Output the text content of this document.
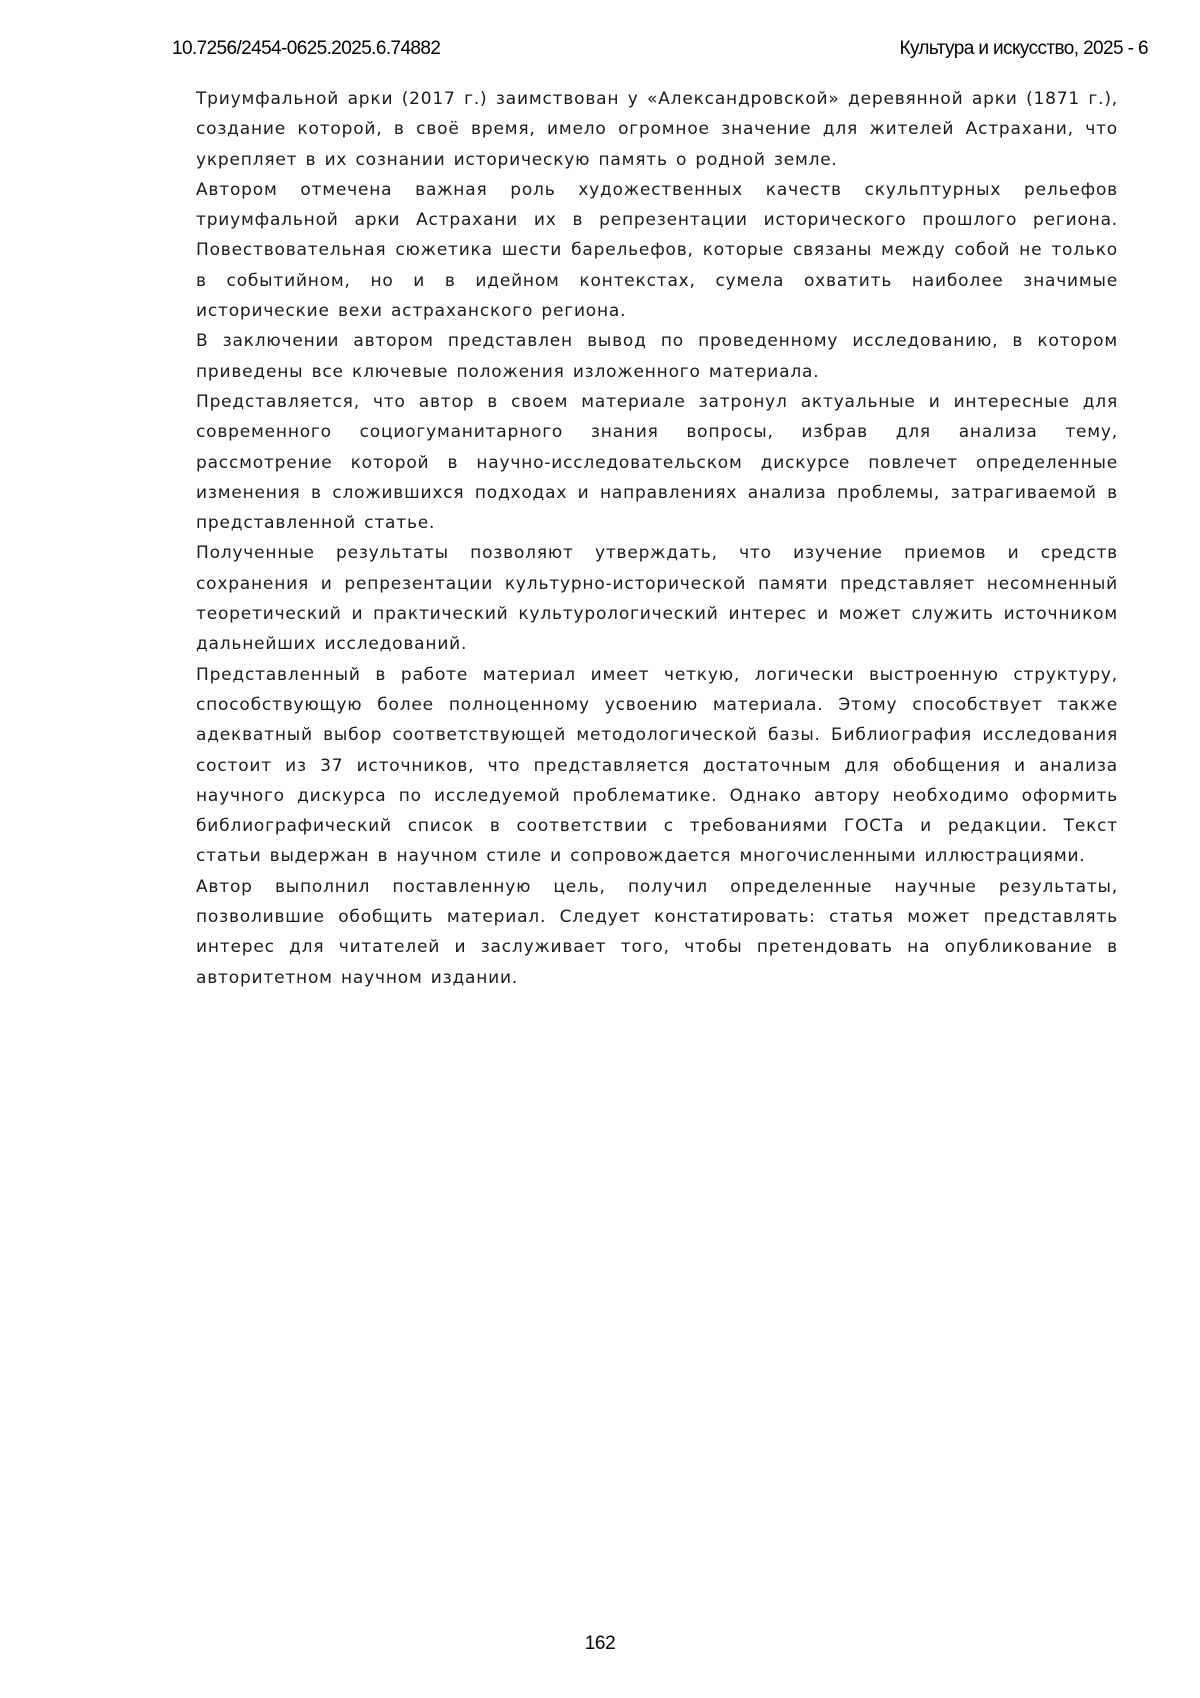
10.7256/2454-0625.2025.6.74882	Культура и искусство, 2025 - 6

Триумфальной арки (2017 г.) заимствован у «Александровской» деревянной арки (1871 г.), создание которой, в своё время, имело огромное значение для жителей Астрахани, что укрепляет в их сознании историческую память о родной земле.

Автором отмечена важная роль художественных качеств скульптурных рельефов триумфальной арки Астрахани их в репрезентации исторического прошлого региона. Повествовательная сюжетика шести барельефов, которые связаны между собой не только в событийном, но и в идейном контекстах, сумела охватить наиболее значимые исторические вехи астраханского региона.

В заключении автором представлен вывод по проведенному исследованию, в котором приведены все ключевые положения изложенного материала.

Представляется, что автор в своем материале затронул актуальные и интересные для современного социогуманитарного знания вопросы, избрав для анализа тему, рассмотрение которой в научно-исследовательском дискурсе повлечет определенные изменения в сложившихся подходах и направлениях анализа проблемы, затрагиваемой в представленной статье.

Полученные результаты позволяют утверждать, что изучение приемов и средств сохранения и репрезентации культурно-исторической памяти представляет несомненный теоретический и практический культурологический интерес и может служить источником дальнейших исследований.

Представленный в работе материал имеет четкую, логически выстроенную структуру, способствующую более полноценному усвоению материала. Этому способствует также адекватный выбор соответствующей методологической базы. Библиография исследования состоит из 37 источников, что представляется достаточным для обобщения и анализа научного дискурса по исследуемой проблематике. Однако автору необходимо оформить библиографический список в соответствии с требованиями ГОСТа и редакции. Текст статьи выдержан в научном стиле и сопровождается многочисленными иллюстрациями.

Автор выполнил поставленную цель, получил определенные научные результаты, позволившие обобщить материал. Следует констатировать: статья может представлять интерес для читателей и заслуживает того, чтобы претендовать на опубликование в авторитетном научном издании.

162
